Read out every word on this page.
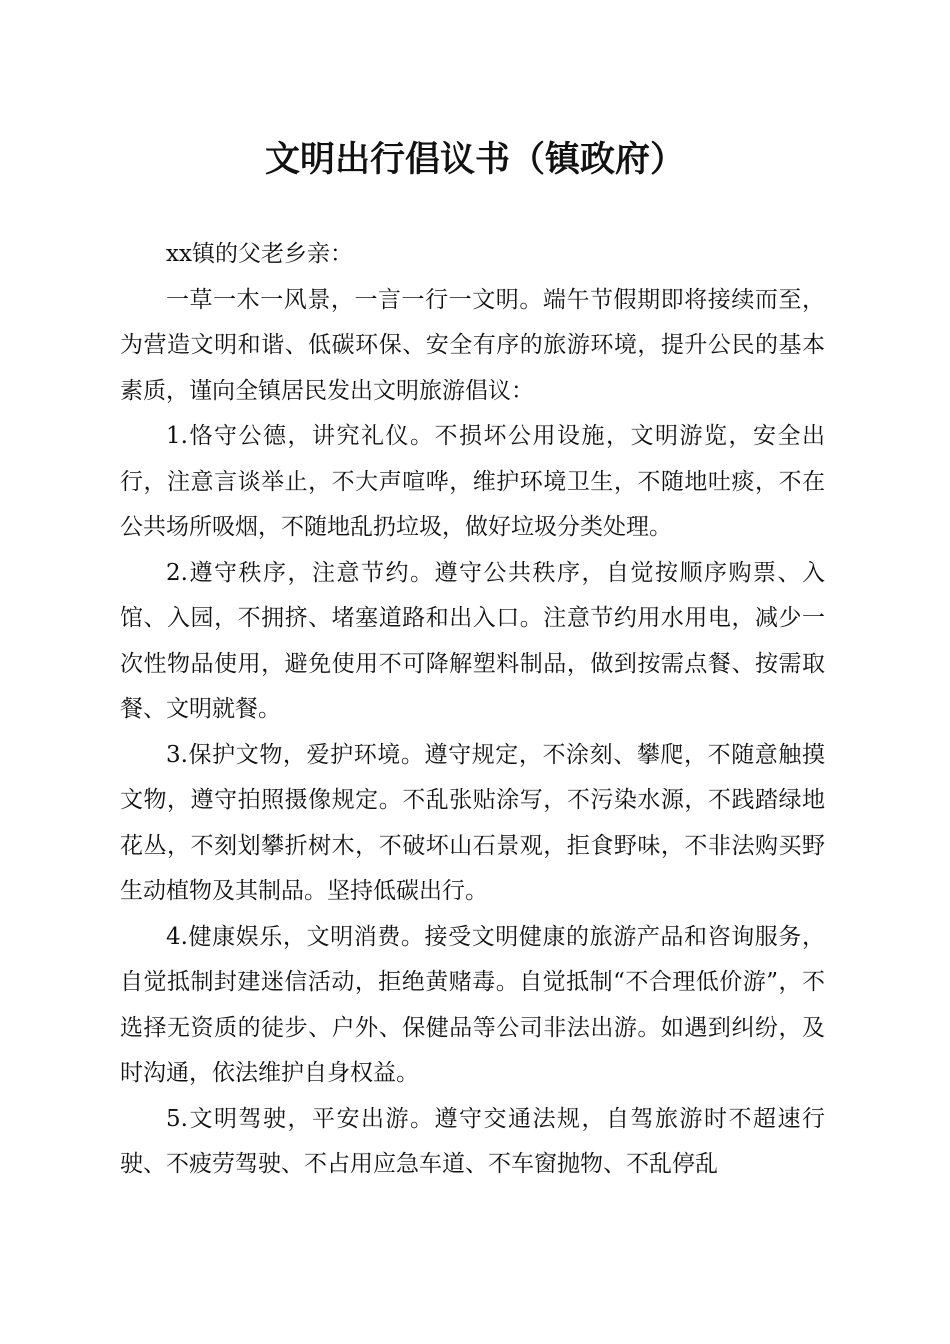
文明出行倡议书（镇政府）

xx镇的父老乡亲：

一草一木一风景，一言一行一文明。端午节假期即将接续而至，为营造文明和谐、低碳环保、安全有序的旅游环境，提升公民的基本素质，谨向全镇居民发出文明旅游倡议：

1.恪守公德，讲究礼仪。不损坏公用设施，文明游览，安全出行，注意言谈举止，不大声喧哗，维护环境卫生，不随地吐痰，不在公共场所吸烟，不随地乱扔垃圾，做好垃圾分类处理。

2.遵守秩序，注意节约。遵守公共秩序，自觉按顺序购票、入馆、入园，不拥挤、堵塞道路和出入口。注意节约用水用电，减少一次性物品使用，避免使用不可降解塑料制品，做到按需点餐、按需取餐、文明就餐。

3.保护文物，爱护环境。遵守规定，不涂刻、攀爬，不随意触摸文物，遵守拍照摄像规定。不乱张贴涂写，不污染水源，不践踏绿地花丛，不刻划攀折树木，不破坏山石景观，拒食野味，不非法购买野生动植物及其制品。坚持低碳出行。

4.健康娱乐，文明消费。接受文明健康的旅游产品和咨询服务，自觉抵制封建迷信活动，拒绝黄赌毒。自觉抵制“不合理低价游”，不选择无资质的徒步、户外、保健品等公司非法出游。如遇到纠纷，及时沟通，依法维护自身权益。

5.文明驾驶，平安出游。遵守交通法规，自驾旅游时不超速行驶、不疲劳驾驶、不占用应急车道、不车窗抛物、不乱停乱
